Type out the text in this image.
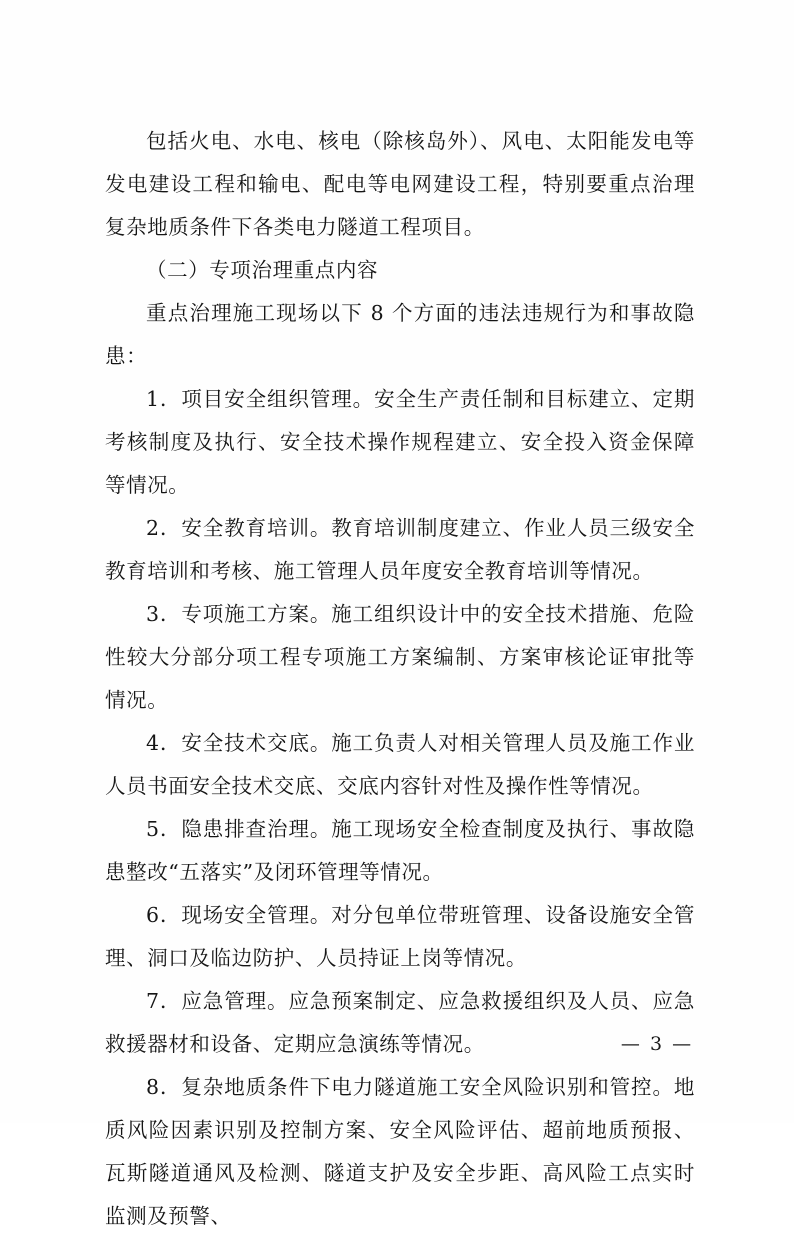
包括火电、水电、核电（除核岛外）、风电、太阳能发电等发电建设工程和输电、配电等电网建设工程，特别要重点治理复杂地质条件下各类电力隧道工程项目。

（二）专项治理重点内容

重点治理施工现场以下 8 个方面的违法违规行为和事故隐患：

1．项目安全组织管理。安全生产责任制和目标建立、定期考核制度及执行、安全技术操作规程建立、安全投入资金保障等情况。

2．安全教育培训。教育培训制度建立、作业人员三级安全教育培训和考核、施工管理人员年度安全教育培训等情况。

3．专项施工方案。施工组织设计中的安全技术措施、危险性较大分部分项工程专项施工方案编制、方案审核论证审批等情况。

4．安全技术交底。施工负责人对相关管理人员及施工作业人员书面安全技术交底、交底内容针对性及操作性等情况。

5．隐患排查治理。施工现场安全检查制度及执行、事故隐患整改“五落实”及闭环管理等情况。

6．现场安全管理。对分包单位带班管理、设备设施安全管理、洞口及临边防护、人员持证上岗等情况。

7．应急管理。应急预案制定、应急救援组织及人员、应急救援器材和设备、定期应急演练等情况。

8．复杂地质条件下电力隧道施工安全风险识别和管控。地质风险因素识别及控制方案、安全风险评估、超前地质预报、瓦斯隧道通风及检测、隧道支护及安全步距、高风险工点实时监测及预警、

— 3 —
